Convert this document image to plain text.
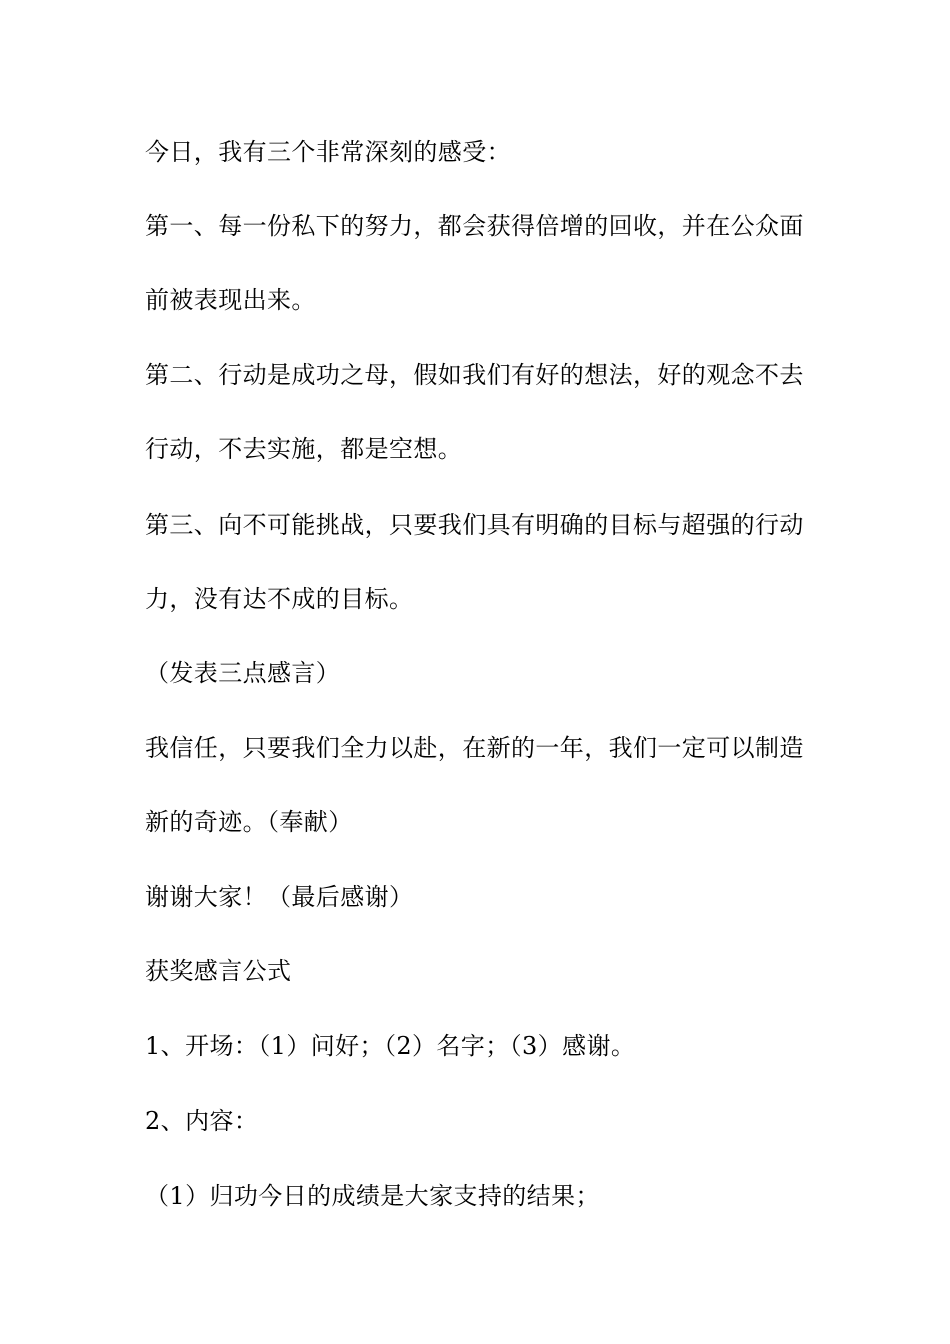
今日，我有三个非常深刻的感受：
第一、每一份私下的努力，都会获得倍增的回收，并在公众面
前被表现出来。
第二、行动是成功之母，假如我们有好的想法，好的观念不去
行动，不去实施，都是空想。
第三、向不可能挑战，只要我们具有明确的目标与超强的行动
力，没有达不成的目标。
（发表三点感言）
我信任，只要我们全力以赴，在新的一年，我们一定可以制造
新的奇迹。（奉献）
谢谢大家！（最后感谢）
获奖感言公式
1、开场：（1）问好；（2）名字；（3）感谢。
2、内容：
（1）归功今日的成绩是大家支持的结果；
